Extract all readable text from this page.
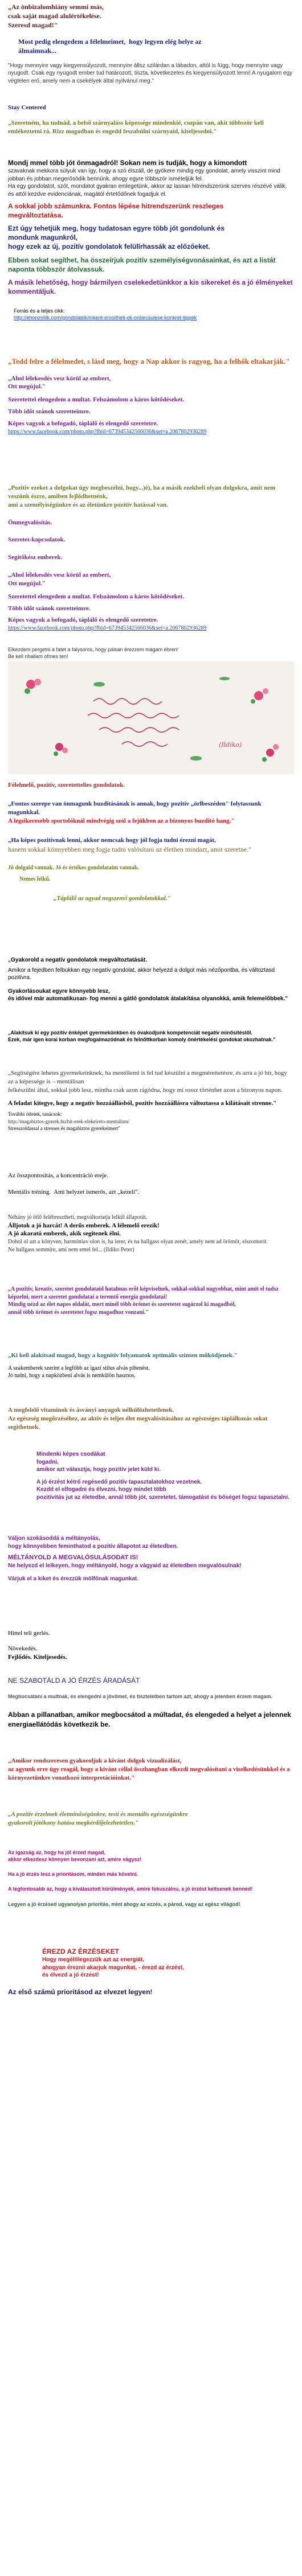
„Az önbizalomhiány semmi más,

csak saját magad alulértékelése.

Szeresd magad!"

Most pedig elengedem a félelmeimet,  hogy legyen elég helye az

álmaimnak...

"Hogy mennyire vagy kiegyensúlyozott, mennyire állsz szilárdan a lábadon, attól is függ, hogy mennyire vagy nyugodt. Csak egy nyugodt ember tud határozott, tiszta, következetes és kiegyensúlyozott lenni! A nyugalom egy végtelen erő, amely nem a csekélyek által nyilvánul meg."

Stay Centered

„Szeretném, ha tudnád, a belső szárnyaláss képessége mindenkié, csupán van, akit többször kell emlékeztetni rá. Rizz magadban és engedd feszabúlni szárnyaid, kiteljesedni."

Mondj mmel több jót önmagadról! Sokan nem is tudják, hogy a kimondott

szavaknak mekkora súlyuk van így, hogy a szó élszáll, de gyökere mindig egy gondolat, amely visszint mind jobban és jobban megerősödik bennünk, ahogy egyre többször ismételjük fel.

Ha egy gondolatot, szót, mondatot gyakran emlegetünk, akkor az lassan hitrendszerünk szerves részévé válik, és attól kezdve evidenciának, magától értetődőnek fogadjuk el.

A sokkal jobb számunkra. Fontos lépése hitrendszerünk reszleges

megváltoztatása.

Ezt úgy tehetjük meg, hogy tudatosan egyre több jót gondolunk és

mondunk magunkról,

hogy ezek az új, pozitív gondolatok felülírhassák az előzőeket.

Ebben sokat segíthet, ha összeírjuk pozitív személyiségvonásainkat, és azt a listát naponta többször átolvassuk.

A másik lehetőség, hogy bármilyen cselekedetünkkor a kis sikereket és a jó élményeket kommentáljuk.

Forrás és a teljes cikk:
http://ehonzoltik.com/gondolatok/mkent-erositheti-ok-onbecsulese-konkret-tippek

„Tedd felre a félelmedet, s lásd meg, hogy a Nap akkor is ragyog, ha a felhők eltakarják."

„Ahol lélekesdés vesz körül az embert,

Ott megújul."

Szeretettel elengedem a multat. Felszámolom a káros kötődéseket.

Több időt szánok szeretteimre.

Képes vagyok a befogadó, táplálő és elengedő szeretetre.

https://www.facebook.com/photo.php?fbid=673945342566036&set=a.2067802936289

„Pozitív ezeket a dolgokat úgy megbeszélni, hogy...)é), ha a másik ezekbeli olyan dolgokra, amit nem veszünk észre, amiben fejlődhetnénk,

ami a személyiségünkre és az életünkre pozitív hatással van.

Önmegvalósítás.

Szeretet-kapcsolatok.

Segítőkész emberek.

„Ahol lélekesdés vesz körül az embert,

Ott megújul."

Szeretettel elengedem a multat. Felszámolom a káros kötődéseket.

Több időt szánok szeretteimre.

Képes vagyok a befogadó, táplálő és elengedő szeretetre.

https://www.facebook.com/photo.php?fbid=673945342566036&set=a.2067802936289

Elkezdem pergetni a fatet a falysoros, hogy pálsan érezzem magam ébren!

Be kell nhallam ofmes ten!

(Ildiko)

Félelmelő, pozitív, szeretettelies gondolatok.

„Fontos szerepe van önmagunk buzdításának is annak, hogy pozitív „örlbeszéden" folytassunk magunkkal.

A legsikeresebb sportolóknál mindvégig szól a fejükben az a bizonyos buzdító hang."

„Ha képes pozitívnak lenni, akkor nemcsak hogy jól fogja tudni érezni magát,

hanem sokkal könnyebben meg fogja tudni valósítani az élethen mindazt, amit szeretne."

Jó dolgaid vannak. Jó és értékes gondolataim vannak.

Nemes lelkű.

„Táplálő az agyad negszenvi gondolatokkal."

„Gyakorold a negatív gondolatok megváltoztatását.

Amikor a fejedben felbukkan egy negatív gondolat, akkor helyezd a dolgot más nézőpontba, és változtasd pozitívra.

Gyakorlásoukat egyre könnyebb lesz,

és idővel már automatikusan- fog menni a gátló gondolatok átalakítása olyanokká, amik felemelőbbek."

„Alakítsuk ki egy pozitív énképet gyermekünkben és óvakodjunk kompetenciát negatív minősítéstől.

Ezek, már igen korai korban megfogalmazódnak és felnőttkorban komoly önértékelési gondokat okozhatnak."

„Segítségére lehetes gyermekeinknek, ha mentőlemi is fel tud készülni a megmérettetésre, és arra a jó hír, hogy az a képessége is – mentálisan

felkészülni által, sokkal jobb lesz, mintha csak azon rágódna, hogy mi rossz történhet azon a bizonyos napon.

A feladat kitegye, hogy a negatív hozzáállásból, pozitív hozzáállásra változtassa a kilátásait strenne."

További ötletek, tanácsok:

http://magabiztos-gyerek.hu/hit-erek-elekeireto-mentalism/

Stresszoldassal a stresses és magabiztos gyerekeimert"

Az összpontosítás, a koncentráció ereje.

Mentális tréning.  Ami helyzet ismerős, azt „kezeli".

Néhány jó ötlő felébresztheti, megváltoztatja lelkül állapotát.

Álljotok a jó harcát! A derűs emberek. A lélemelő erezik!

A jó akaratú emberek, akik segítenek élni.

Dohol ol azt a könyven, harmóniav olon is, ha lerer, és na hallgass olyan zenét, amely nem ad örömöt, elszomorít.

Ne hallgass semmire, ami nem emel fel... (Ildiko Peter)

„A pozitív, kreatív, szeretet gondolataid hatalmas erőt képviselnek, sokkal-sokkal nagyobbat, mint amit el tudsz képzelni, mert a szeretet gondolatai a teremtő energia gondolatai!

Mindig nézd az élet napos oldalát, mert minél több örömet és szeretetet sugárzol ki magadból,

annál több örömet és szeretetet fogsz magadhoz vonzani."

„Ki kell alakítsad magad, hogy a kognitív folyamatok optimális szinten működjenek."

A szakemberek szerint a legfőbb az igazi stílus alvás pihenést.

Jó tudni, hogy a napközbeni alvás is nemkülön hasznos.

A megfelelő vitaminok és ásványi anyagok nélkülözhetetlenek.

Az egészség megőrzéséhez, az aktív és teljes élet megvalósításához az egészséges táplálkozás sokat segíthetnek.

Mindenki képes csodákat

fogadni,

amikor azt választja, hogy pozitív jelet küld ki.

A jó érzést kétrő regésedő pozitív tapasztalatokhoz vezetnek.

Kezdd el elfogadni és élvezni, hogy mindet több

pozitívitás jut az életedbe, annál több jót, szeretetet, támogatást és bőséget fogsz tapasztalni.

Váljon szokásoddá a méltányolás,

hogy könnyebben feminthatod a pozitív állapotot az életedben.

MÉLTÁNYOLD A MEGVALÓSULÁSODAT IS!

Ne helyezd el lelkeyen, hogy méltányold, hogy a vágyaid az életedben megvalósulnak!

Várjuk el a kiket és érezzük mölfőnak magunkat.

Hittel teli gerlés.

Növekedés.

Fejlődés. Kiteljesedés.

NE SZABOTÁLD A JÓ ÉRZÉS ÁRADÁSÁT

Megbocsátani a multnak, és elengedni a jövőmet, és tiszteletben tartom azt, ahogy a jelenben érzem magam.

Abban a pillanatban, amikor megbocsátod a múltadat, és elengeded a helyet a jelennek energiaellátódás következik be.

„Amikor rendszeresen gyakoroljuk a kívánt dolgok vizualizálást,

az agyunk erre úgy reagál, hogy a kívánt céllal összhangban elkezdi megvalósítani a viselkedésünkkel és a környezetünkre vonatkozó interpretációinkat."

„A pozitív érzelmek életminőségünkre, testi és mentális egészségünkre

gyakorolt jótékony hatása megkérdőjelezhetetlen."

Az igazság az, hogy ha jól érzed magad,

akkor elkezdesz könnyen bevonzani azt, amire vágysz!

Ha a jó érzés lesz a prioritásom, minden más követni.

A legfontosabb az, hogy a kiválasztott körülmények, amire fokuszálnu, a jó érzést keltsenek benned!

Legyen a jó érzésed ugyanolyan prioritás, mint ahogy az ezzés, a párod, vagy az egész világod!

ÉREZD AZ ÉRZÉSEKET

Hogy megélőlegezzük azt az energiát,

ahogyan éreznii akarjuk magunkat, - érezd az érzést,

és élvezd a jó érzést!

Az első számú prioritásod az elvezet legyen!
